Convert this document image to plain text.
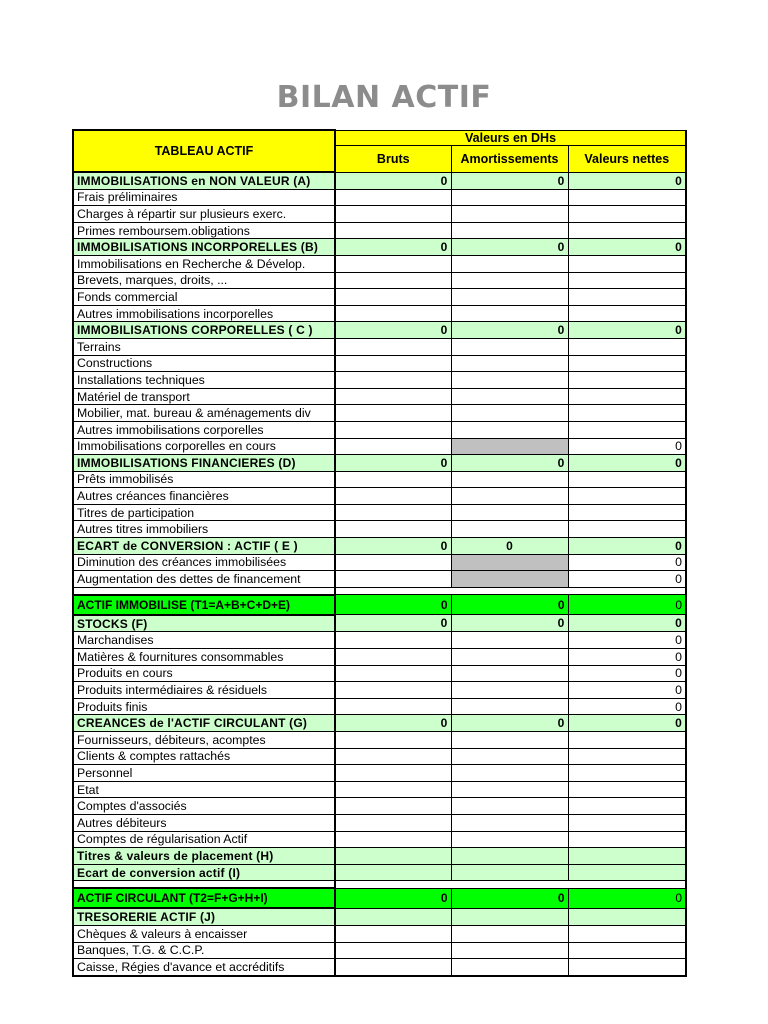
BILAN ACTIF
TABLEAU ACTIF	Valeurs en DHs		
	Bruts	Amortissements	Valeurs nettes
IMMOBILISATIONS en NON VALEUR (A)	0	0	0
Frais préliminaires			
Charges à répartir sur plusieurs exerc.			
Primes remboursem.obligations			
IMMOBILISATIONS INCORPORELLES (B)	0	0	0
Immobilisations en Recherche & Dévelop.			
Brevets, marques, droits, ...			
Fonds commercial			
Autres immobilisations incorporelles			
IMMOBILISATIONS CORPORELLES ( C )	0	0	0
Terrains			
Constructions			
Installations techniques			
Matériel de transport			
Mobilier, mat. bureau & aménagements div			
Autres immobilisations corporelles			
Immobilisations corporelles en cours			0
IMMOBILISATIONS FINANCIERES (D)	0	0	0
Prêts immobilisés			
Autres créances financières			
Titres de participation			
Autres titres immobiliers			
ECART de CONVERSION : ACTIF ( E )	0	0	0
Diminution des créances immobilisées			0
Augmentation des dettes de financement			0

ACTIF IMMOBILISE (T1=A+B+C+D+E)	0	0	0
STOCKS (F)	0	0	0
Marchandises			0
Matières & fournitures consommables			0
Produits en cours			0
Produits intermédiaires & résiduels			0
Produits finis			0
CREANCES de l'ACTIF CIRCULANT (G)	0	0	0
Fournisseurs, débiteurs, acomptes			
Clients & comptes rattachés			
Personnel			
Etat			
Comptes d'associés			
Autres débiteurs			
Comptes de régularisation Actif			
Titres & valeurs de placement (H)			
Ecart de conversion actif (I)			

ACTIF CIRCULANT (T2=F+G+H+I)	0	0	0
TRESORERIE ACTIF (J)			
Chèques & valeurs à encaisser			
Banques, T.G. & C.C.P.			
Caisse, Régies d'avance et accréditifs			
